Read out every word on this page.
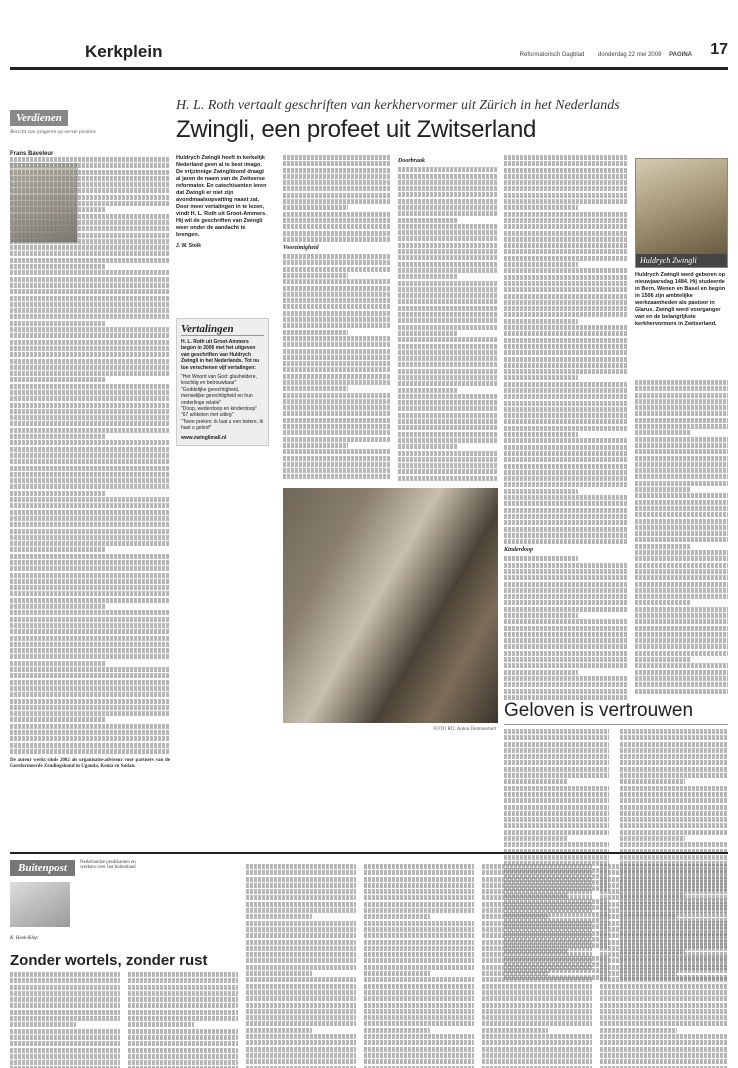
Kerkplein	Reformatorisch Dagblad donderdag 22 mei 2008 PAGINA	17
Verdienen
Bericht van jongeren op eerste posities
Frans Baveleur
De auteur werkt sinds 2002 als organisatie-adviseur voor partners van de Gereformeerde Zendingsbond in Uganda, Kenia en Sudan.
H. L. Roth vertaalt geschriften van kerkhervormer uit Zürich in het Nederlands
Zwingli, een profeet uit Zwitserland
Huldrych Zwingli heeft in kerkelijk Nederland geen al te best imago. De vrijzinnige Zwinglibond draagt al jaren de naam van de Zwitserse reformator. En catechisanten leren dat Zwingli er niet zijn avondmaalsopvatting naast zat. Door meer vertalingen in te lezen, vindt H. L. Roth uit Groot-Ammers. Hij wil de geschriften van Zwingli weer onder de aandacht te brengen.
J. W. Stolk
Vertalingen
H. L. Roth uit Groot-Ammers begon in 2006 met het uitgeven van geschriften van Huldrych Zwingli in het Nederlands. Tot nu toe verschenen vijf vertalingen:
"Het Woord van God: glasheldere, krachtig en betrouwbaar"
"Goddelijke gerechtigheid, menselijke gerechtigheid en hun onderlinge relatie"
"Doop, wederdoop en kinderdoop"
"67 artikelen met uitleg"
"Twee preken: ik laat u een betere, ik haal u geloof"
www.zwinglimall.nl
Voorzimigheid
Doorbraak
Kinderdoop
FOTO RD, Anton Dommerholt
Huldrych Zwingli
Huldrych Zwingli werd geboren op nieuwjaarsdag 1484. Hij studeerde in Bern, Wenen en Basel en begon in 1506 zijn ambtelijke werkzaamheden als pastoor in Glarus. Zwingli werd voorganger van en de belangrijkste kerkhervormers in Zwitserland.
Geloven is vertrouwen
Buitenpost	Nederlandse predikanten en werkers over het buitenland
K. Hoek-Klop
Zonder wortels, zonder rust
